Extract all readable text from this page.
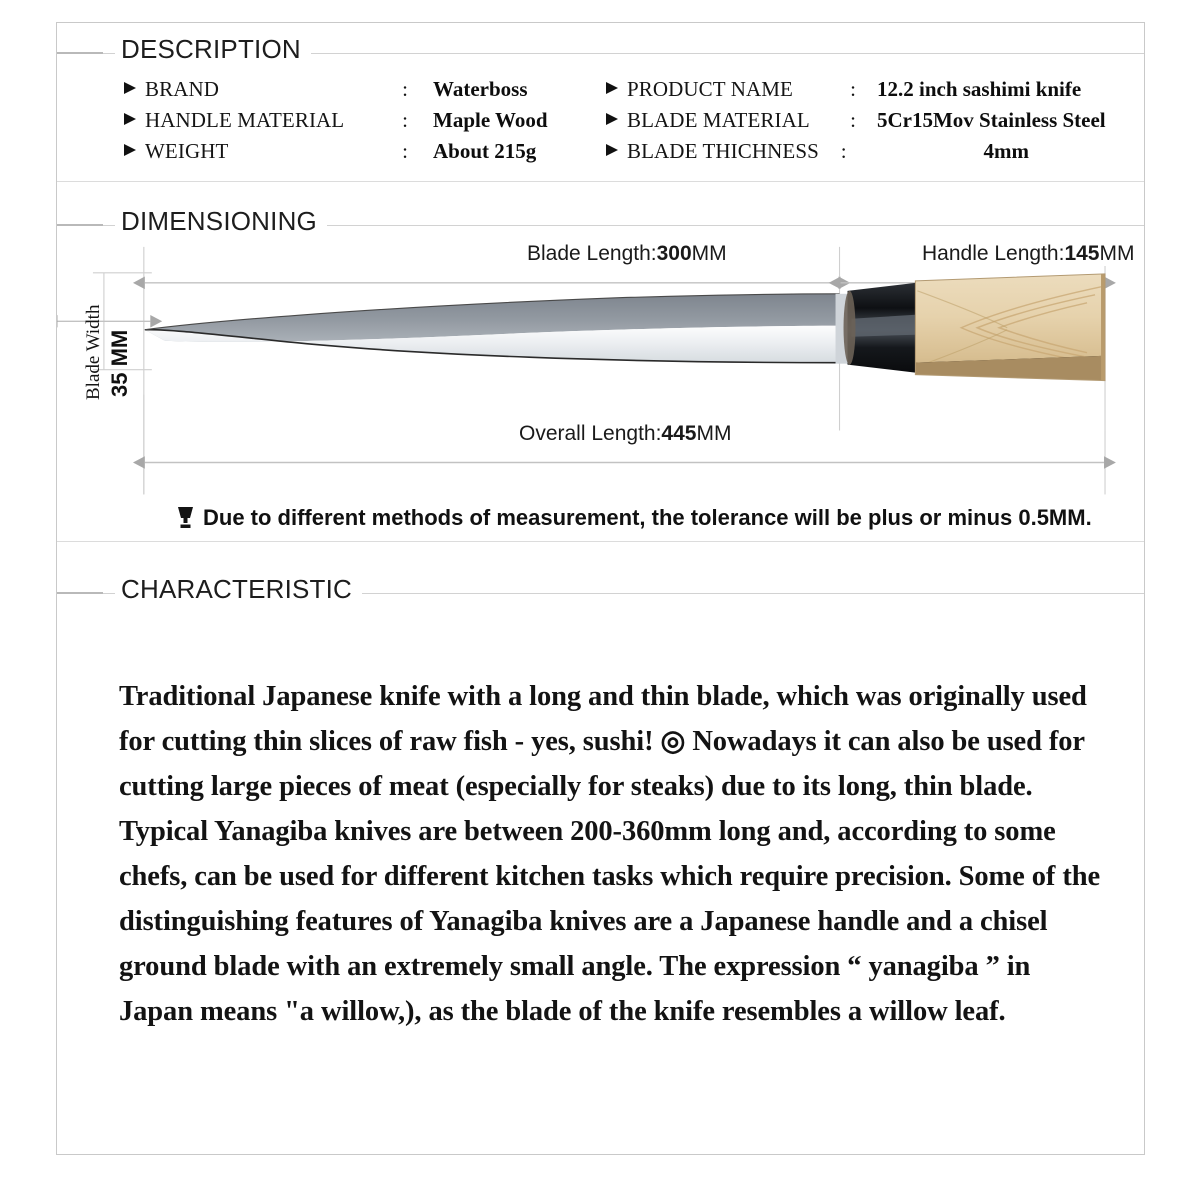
DESCRIPTION
BRAND	:	Waterboss
HANDLE MATERIAL	:	Maple Wood
WEIGHT	:	About 215g
PRODUCT NAME	:	12.2 inch sashimi knife
BLADE MATERIAL	:	5Cr15Mov Stainless Steel
BLADE THICHNESS	:	4mm
DIMENSIONING
Blade Length:300MM	Handle Length:145MM
Overall Length:445MM
Blade Width 35 MM
Due to different methods of measurement, the tolerance will be plus or minus 0.5MM.
CHARACTERISTIC

Traditional Japanese knife with a long and thin blade, which was originally used for cutting thin slices of raw fish - yes, sushi! ◎ Nowadays it can also be used for cutting large pieces of meat (especially for steaks) due to its long, thin blade. Typical Yanagiba knives are between 200-360mm long and, according to some chefs, can be used for different kitchen tasks which require precision. Some of the distinguishing features of Yanagiba knives are a Japanese handle and a chisel ground blade with an extremely small angle. The expression “ yanagiba ” in Japan means "a willow,), as the blade of the knife resembles a willow leaf.
